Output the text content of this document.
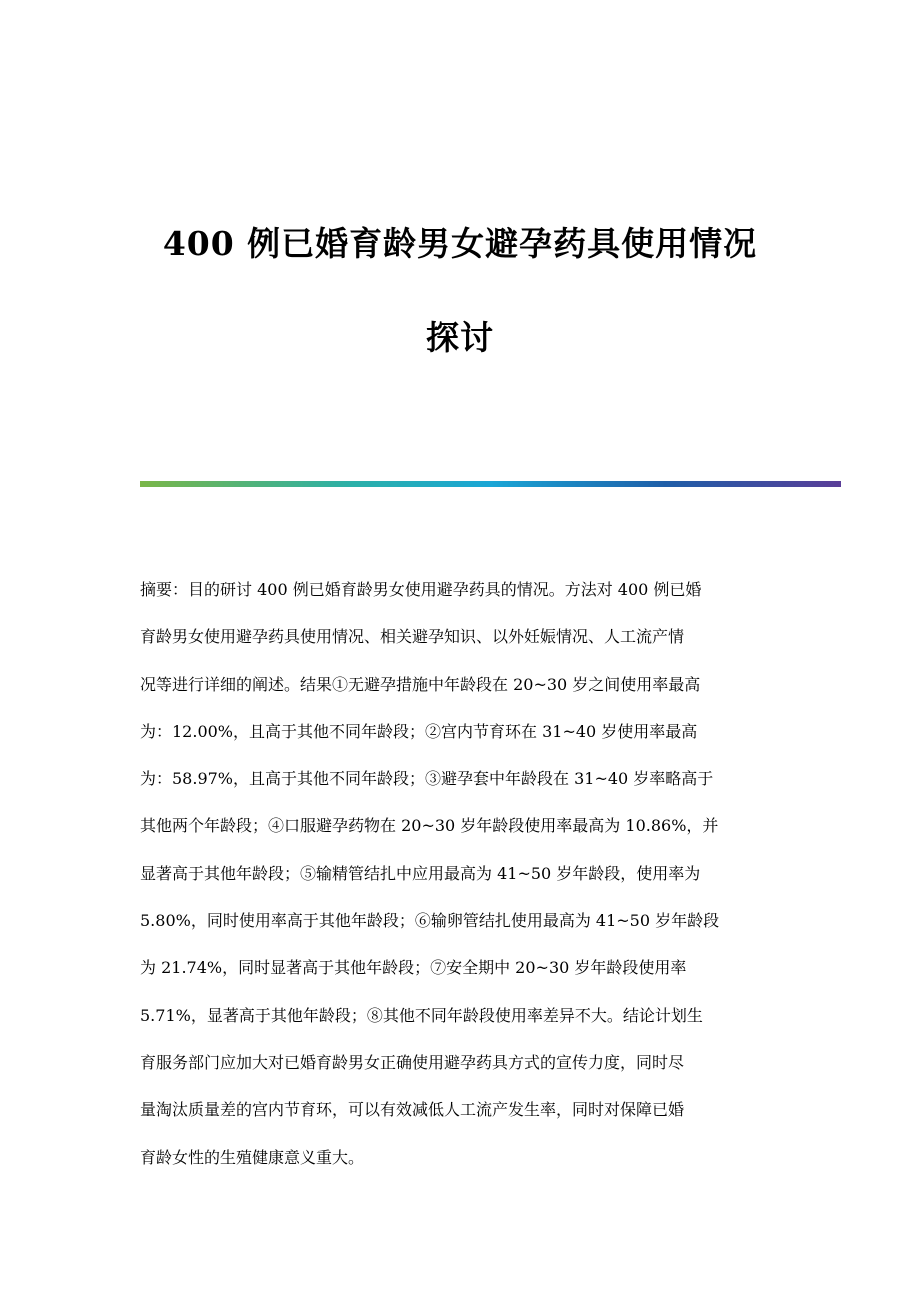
400 例已婚育龄男女避孕药具使用情况
探讨

摘要：目的研讨 400 例已婚育龄男女使用避孕药具的情况。方法对 400 例已婚
育龄男女使用避孕药具使用情况、相关避孕知识、以外妊娠情况、人工流产情
况等进行详细的阐述。结果①无避孕措施中年龄段在 20~30 岁之间使用率最高
为：12.00%，且高于其他不同年龄段；②宫内节育环在 31~40 岁使用率最高
为：58.97%，且高于其他不同年龄段；③避孕套中年龄段在 31~40 岁率略高于
其他两个年龄段；④口服避孕药物在 20~30 岁年龄段使用率最高为 10.86%，并
显著高于其他年龄段；⑤输精管结扎中应用最高为 41~50 岁年龄段，使用率为
5.80%，同时使用率高于其他年龄段；⑥输卵管结扎使用最高为 41~50 岁年龄段
为 21.74%，同时显著高于其他年龄段；⑦安全期中 20~30 岁年龄段使用率
5.71%，显著高于其他年龄段；⑧其他不同年龄段使用率差异不大。结论计划生
育服务部门应加大对已婚育龄男女正确使用避孕药具方式的宣传力度，同时尽
量淘汰质量差的宫内节育环，可以有效减低人工流产发生率，同时对保障已婚
育龄女性的生殖健康意义重大。
